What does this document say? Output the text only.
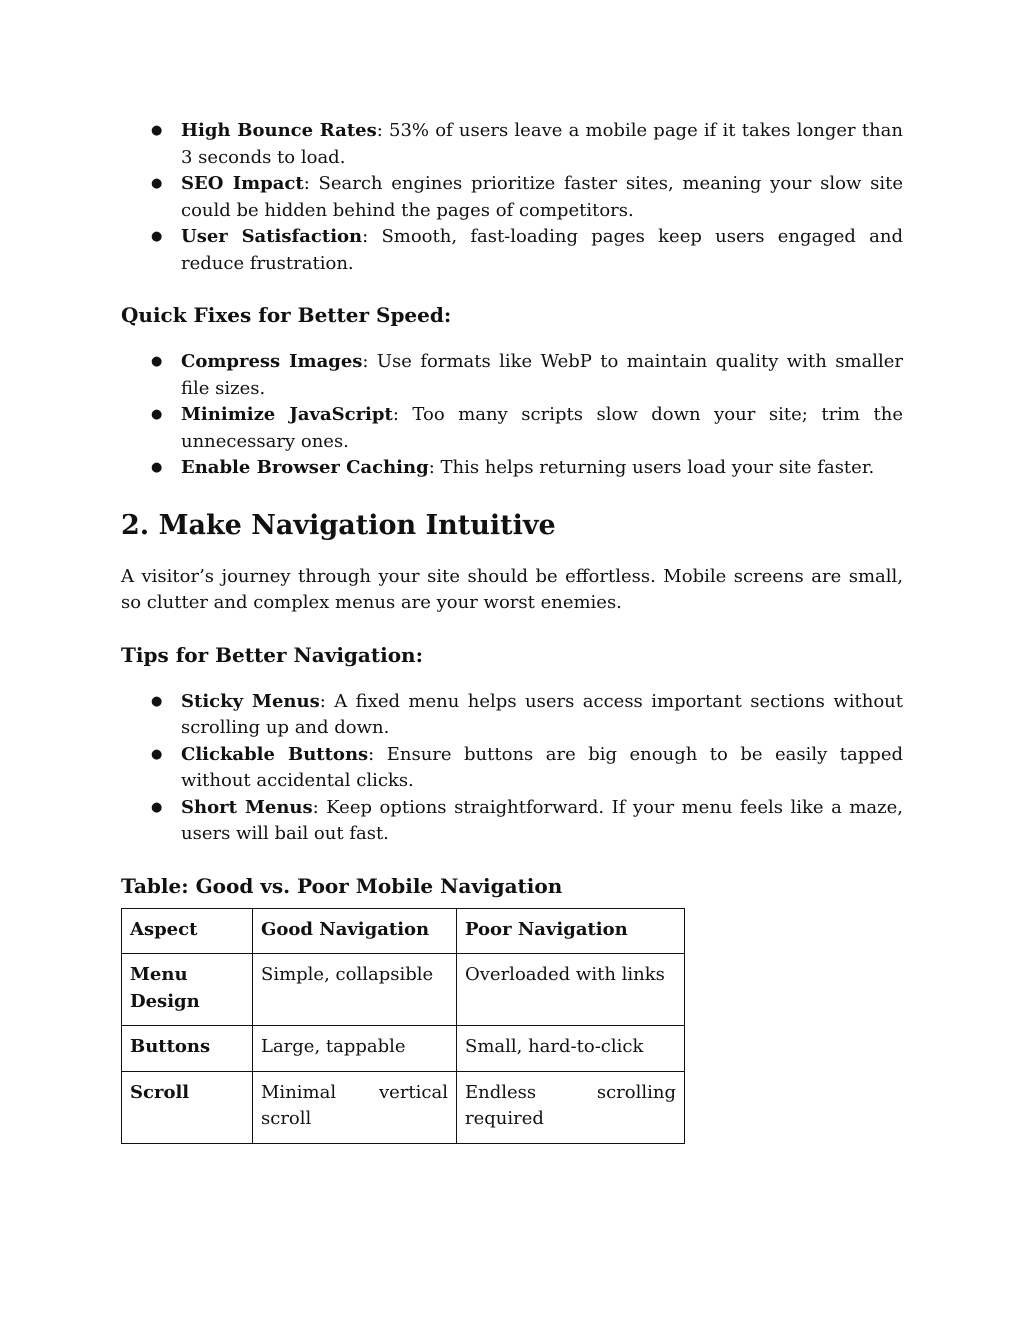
● High Bounce Rates: 53% of users leave a mobile page if it takes longer than 3 seconds to load.
● SEO Impact: Search engines prioritize faster sites, meaning your slow site could be hidden behind the pages of competitors.
● User Satisfaction: Smooth, fast-loading pages keep users engaged and reduce frustration.
Quick Fixes for Better Speed:
● Compress Images: Use formats like WebP to maintain quality with smaller file sizes.
● Minimize JavaScript: Too many scripts slow down your site; trim the unnecessary ones.
● Enable Browser Caching: This helps returning users load your site faster.
2. Make Navigation Intuitive

A visitor’s journey through your site should be effortless. Mobile screens are small, so clutter and complex menus are your worst enemies.

Tips for Better Navigation:
● Sticky Menus: A fixed menu helps users access important sections without scrolling up and down.
● Clickable Buttons: Ensure buttons are big enough to be easily tapped without accidental clicks.
● Short Menus: Keep options straightforward. If your menu feels like a maze, users will bail out fast.
Table: Good vs. Poor Mobile Navigation
Aspect	Good Navigation	Poor Navigation
Menu Design	Simple, collapsible	Overloaded with links
Buttons	Large, tappable	Small, hard-to-click
Scroll	Minimal vertical scroll	Endless scrolling required
